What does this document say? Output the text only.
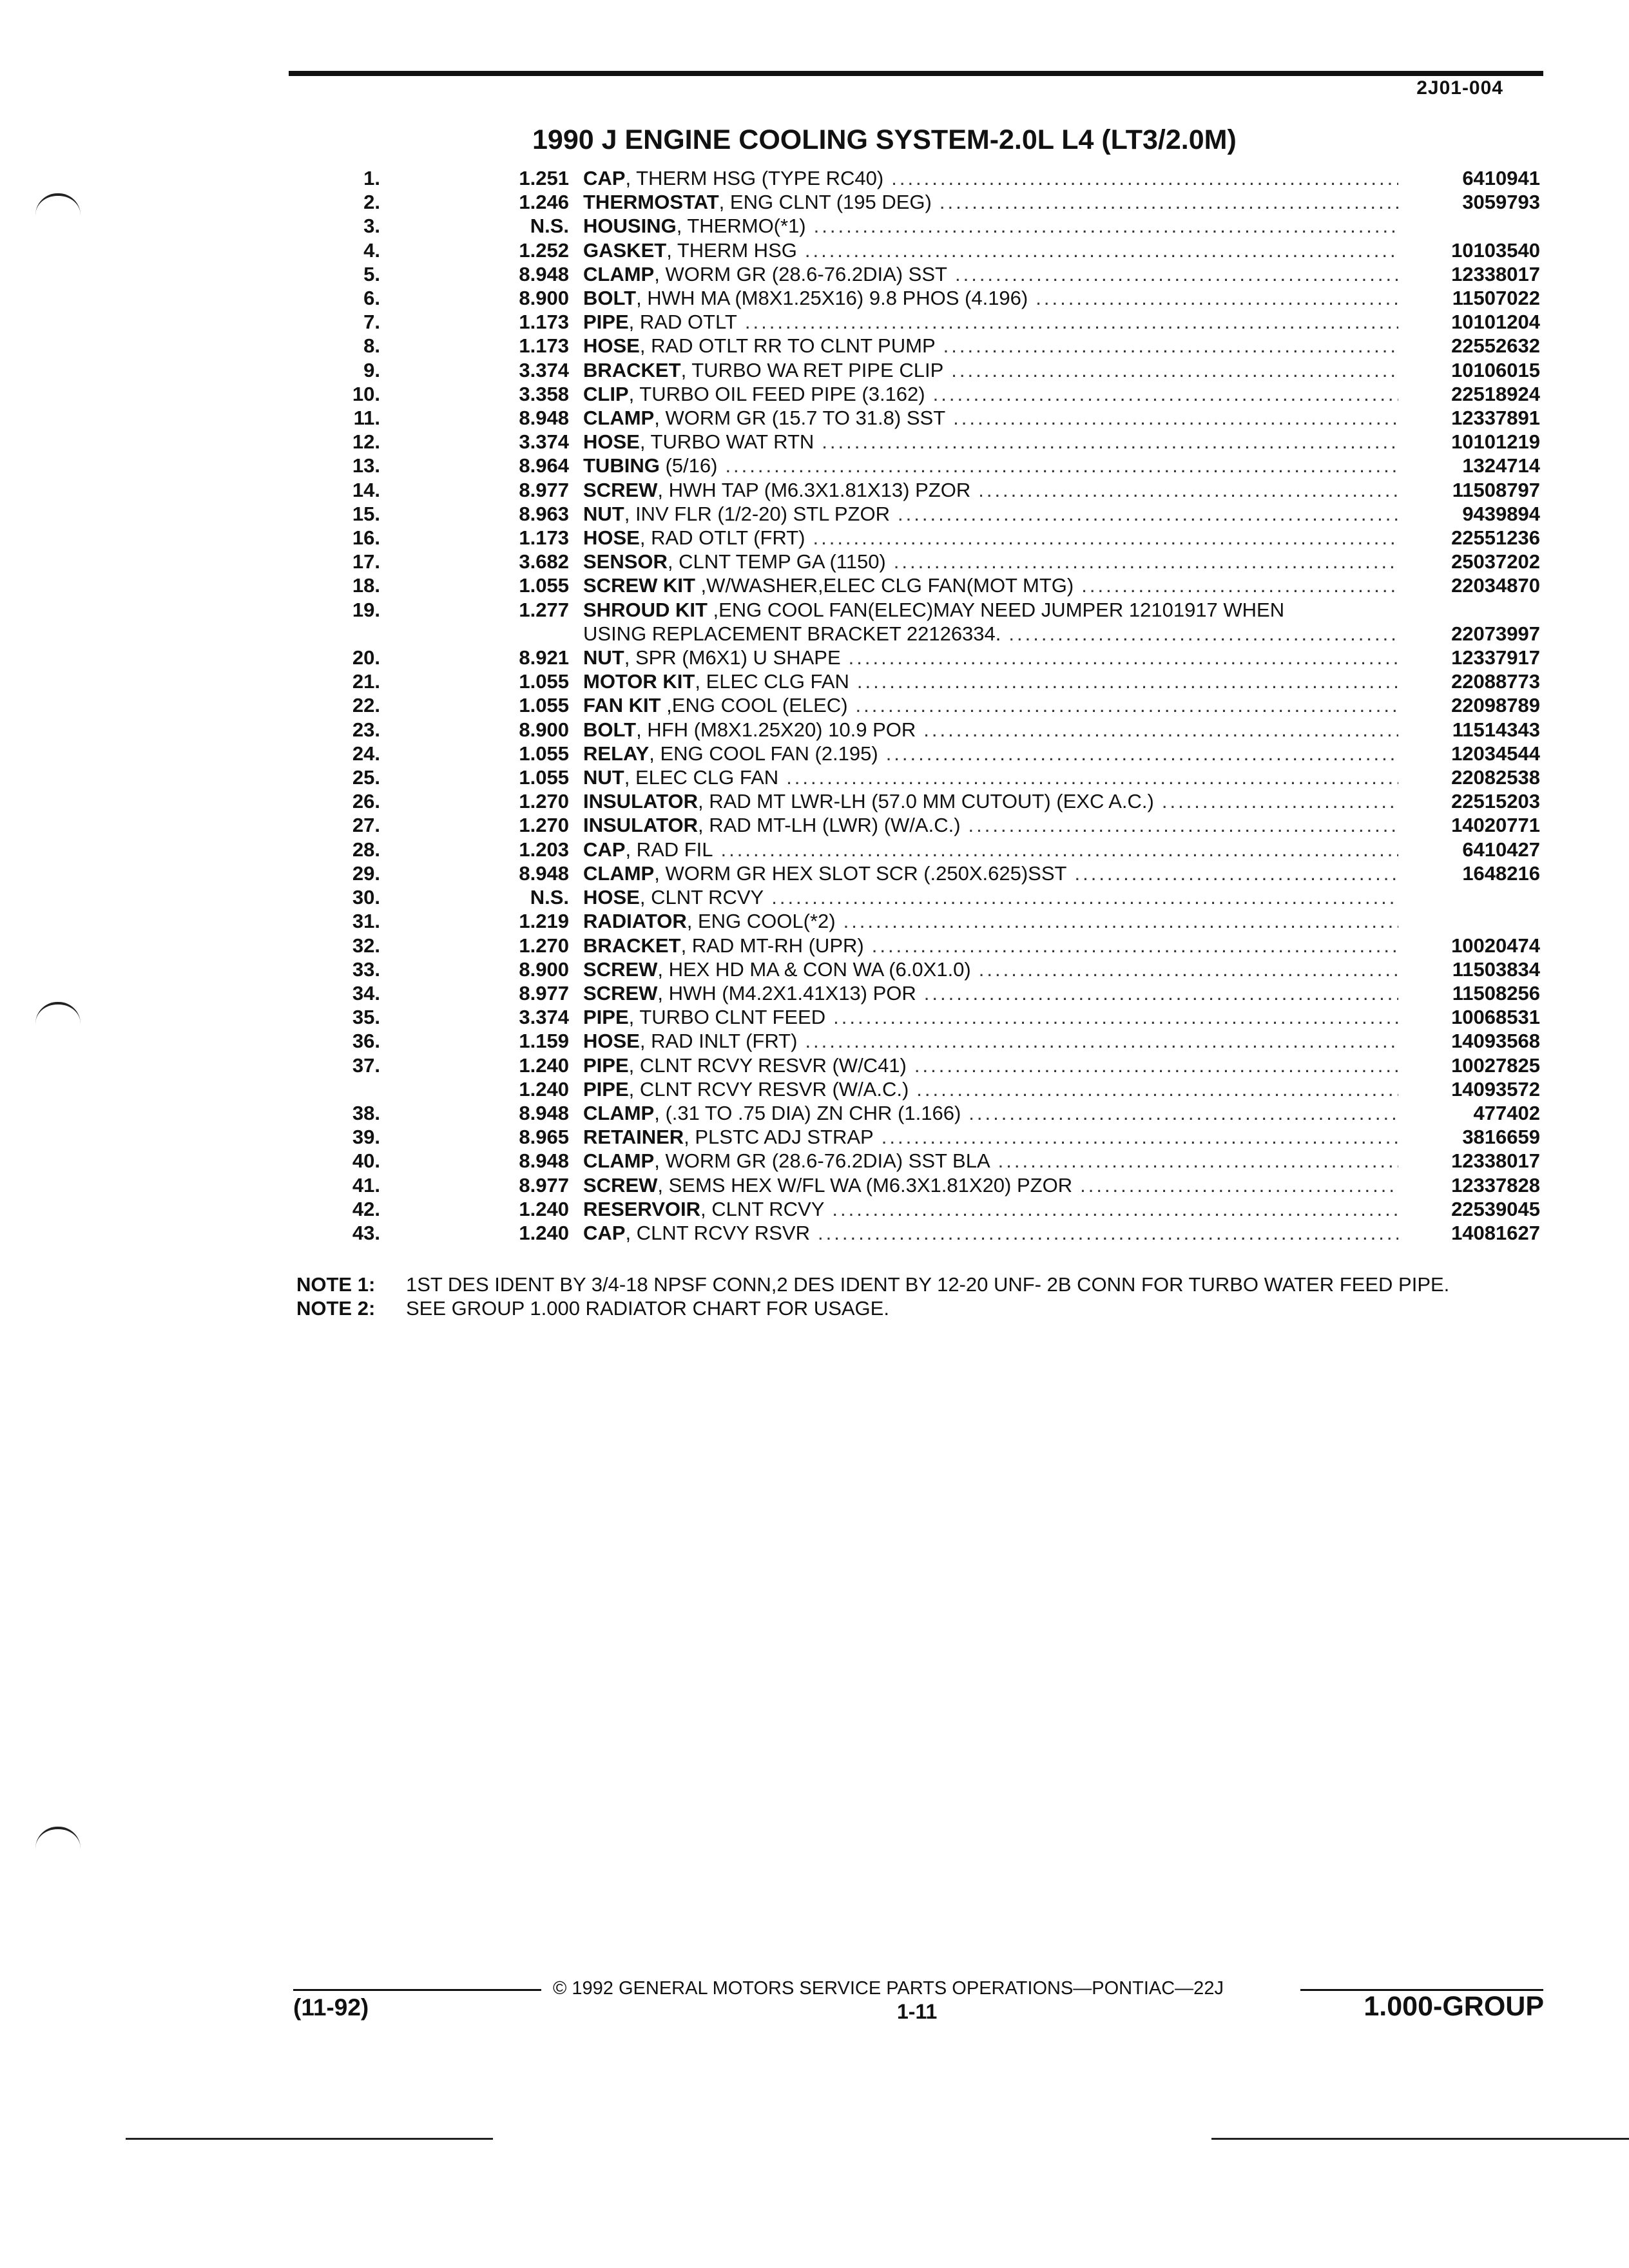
2J01-004
1990 J ENGINE COOLING SYSTEM-2.0L L4 (LT3/2.0M)
1.	1.251 CAP, THERM HSG (TYPE RC40) .....	6410941
2.	1.246 THERMOSTAT, ENG CLNT (195 DEG) .....	3059793
3.	N.S. HOUSING, THERMO(*1)
.....
4.	1.252 GASKET, THERM HSG .....	10103540
5.	8.948 CLAMP, WORM GR (28.6-76.2DIA) SST .....	12338017
6.	8.900 BOLT, HWH MA (M8X1.25X16) 9.8 PHOS (4.196) .....	11507022
7.	1.173 PIPE, RAD OTLT .....	10101204
8.	1.173 HOSE, RAD OTLT RR TO CLNT PUMP .....	22552632
9.	3.374 BRACKET, TURBO WA RET PIPE CLIP .....	10106015
10.	3.358 CLIP, TURBO OIL FEED PIPE (3.162) .....	22518924
11.	8.948 CLAMP, WORM GR (15.7 TO 31.8) SST .....	12337891
12.	3.374 HOSE, TURBO WAT RTN .....	10101219
13.	8.964 TUBING (5/16) .....	1324714
14.	8.977 SCREW, HWH TAP (M6.3X1.81X13) PZOR .....	11508797
15.	8.963 NUT, INV FLR (1/2-20) STL PZOR .....	9439894
16.	1.173 HOSE, RAD OTLT (FRT) .....	22551236
17.	3.682 SENSOR, CLNT TEMP GA (1150) .....	25037202
18.	1.055 SCREW KIT ,W/WASHER,ELEC CLG FAN(MOT MTG) .....	22034870
19.	1.277 SHROUD KIT ,ENG COOL FAN(ELEC)MAY NEED JUMPER 12101917 WHEN
USING REPLACEMENT BRACKET 22126334. .....	22073997
20.	8.921 NUT, SPR (M6X1) U SHAPE .....	12337917
21.	1.055 MOTOR KIT, ELEC CLG FAN .....	22088773
22.	1.055 FAN KIT ,ENG COOL (ELEC) .....	22098789
23.	8.900 BOLT, HFH (M8X1.25X20) 10.9 POR .....	11514343
24.	1.055 RELAY, ENG COOL FAN (2.195) .....	12034544
25.	1.055 NUT, ELEC CLG FAN .....	22082538
26.	1.270 INSULATOR, RAD MT LWR-LH (57.0 MM CUTOUT) (EXC A.C.) .....	22515203
27.	1.270 INSULATOR, RAD MT-LH (LWR) (W/A.C.) .....	14020771
28.	1.203 CAP, RAD FIL .....	6410427
29.	8.948 CLAMP, WORM GR HEX SLOT SCR (.250X.625)SST .....	1648216
30.	N.S. HOSE, CLNT RCVY
.....
31.	1.219 RADIATOR, ENG COOL(*2)
.....
32.	1.270 BRACKET, RAD MT-RH (UPR) .....	10020474
33.	8.900 SCREW, HEX HD MA & CON WA (6.0X1.0) .....	11503834
34.	8.977 SCREW, HWH (M4.2X1.41X13) POR .....	11508256
35.	3.374 PIPE, TURBO CLNT FEED .....	10068531
36.	1.159 HOSE, RAD INLT (FRT) .....	14093568
37.	1.240 PIPE, CLNT RCVY RESVR (W/C41) .....	10027825
1.240 PIPE, CLNT RCVY RESVR (W/A.C.) .....	14093572
38.	8.948 CLAMP, (.31 TO .75 DIA) ZN CHR (1.166) .....	477402
39.	8.965 RETAINER, PLSTC ADJ STRAP .....	3816659
40.	8.948 CLAMP, WORM GR (28.6-76.2DIA) SST BLA .....	12338017
41.	8.977 SCREW, SEMS HEX W/FL WA (M6.3X1.81X20) PZOR .....	12337828
42.	1.240 RESERVOIR, CLNT RCVY .....	22539045
43.	1.240 CAP, CLNT RCVY RSVR .....	14081627
NOTE 1:	1ST DES IDENT BY 3/4-18 NPSF CONN,2 DES IDENT BY 12-20 UNF- 2B CONN FOR TURBO WATER FEED PIPE.
NOTE 2:	SEE GROUP 1.000 RADIATOR CHART FOR USAGE.
© 1992 GENERAL MOTORS SERVICE PARTS OPERATIONS—PONTIAC—22J
(11-92)	1-11	1.000-GROUP
